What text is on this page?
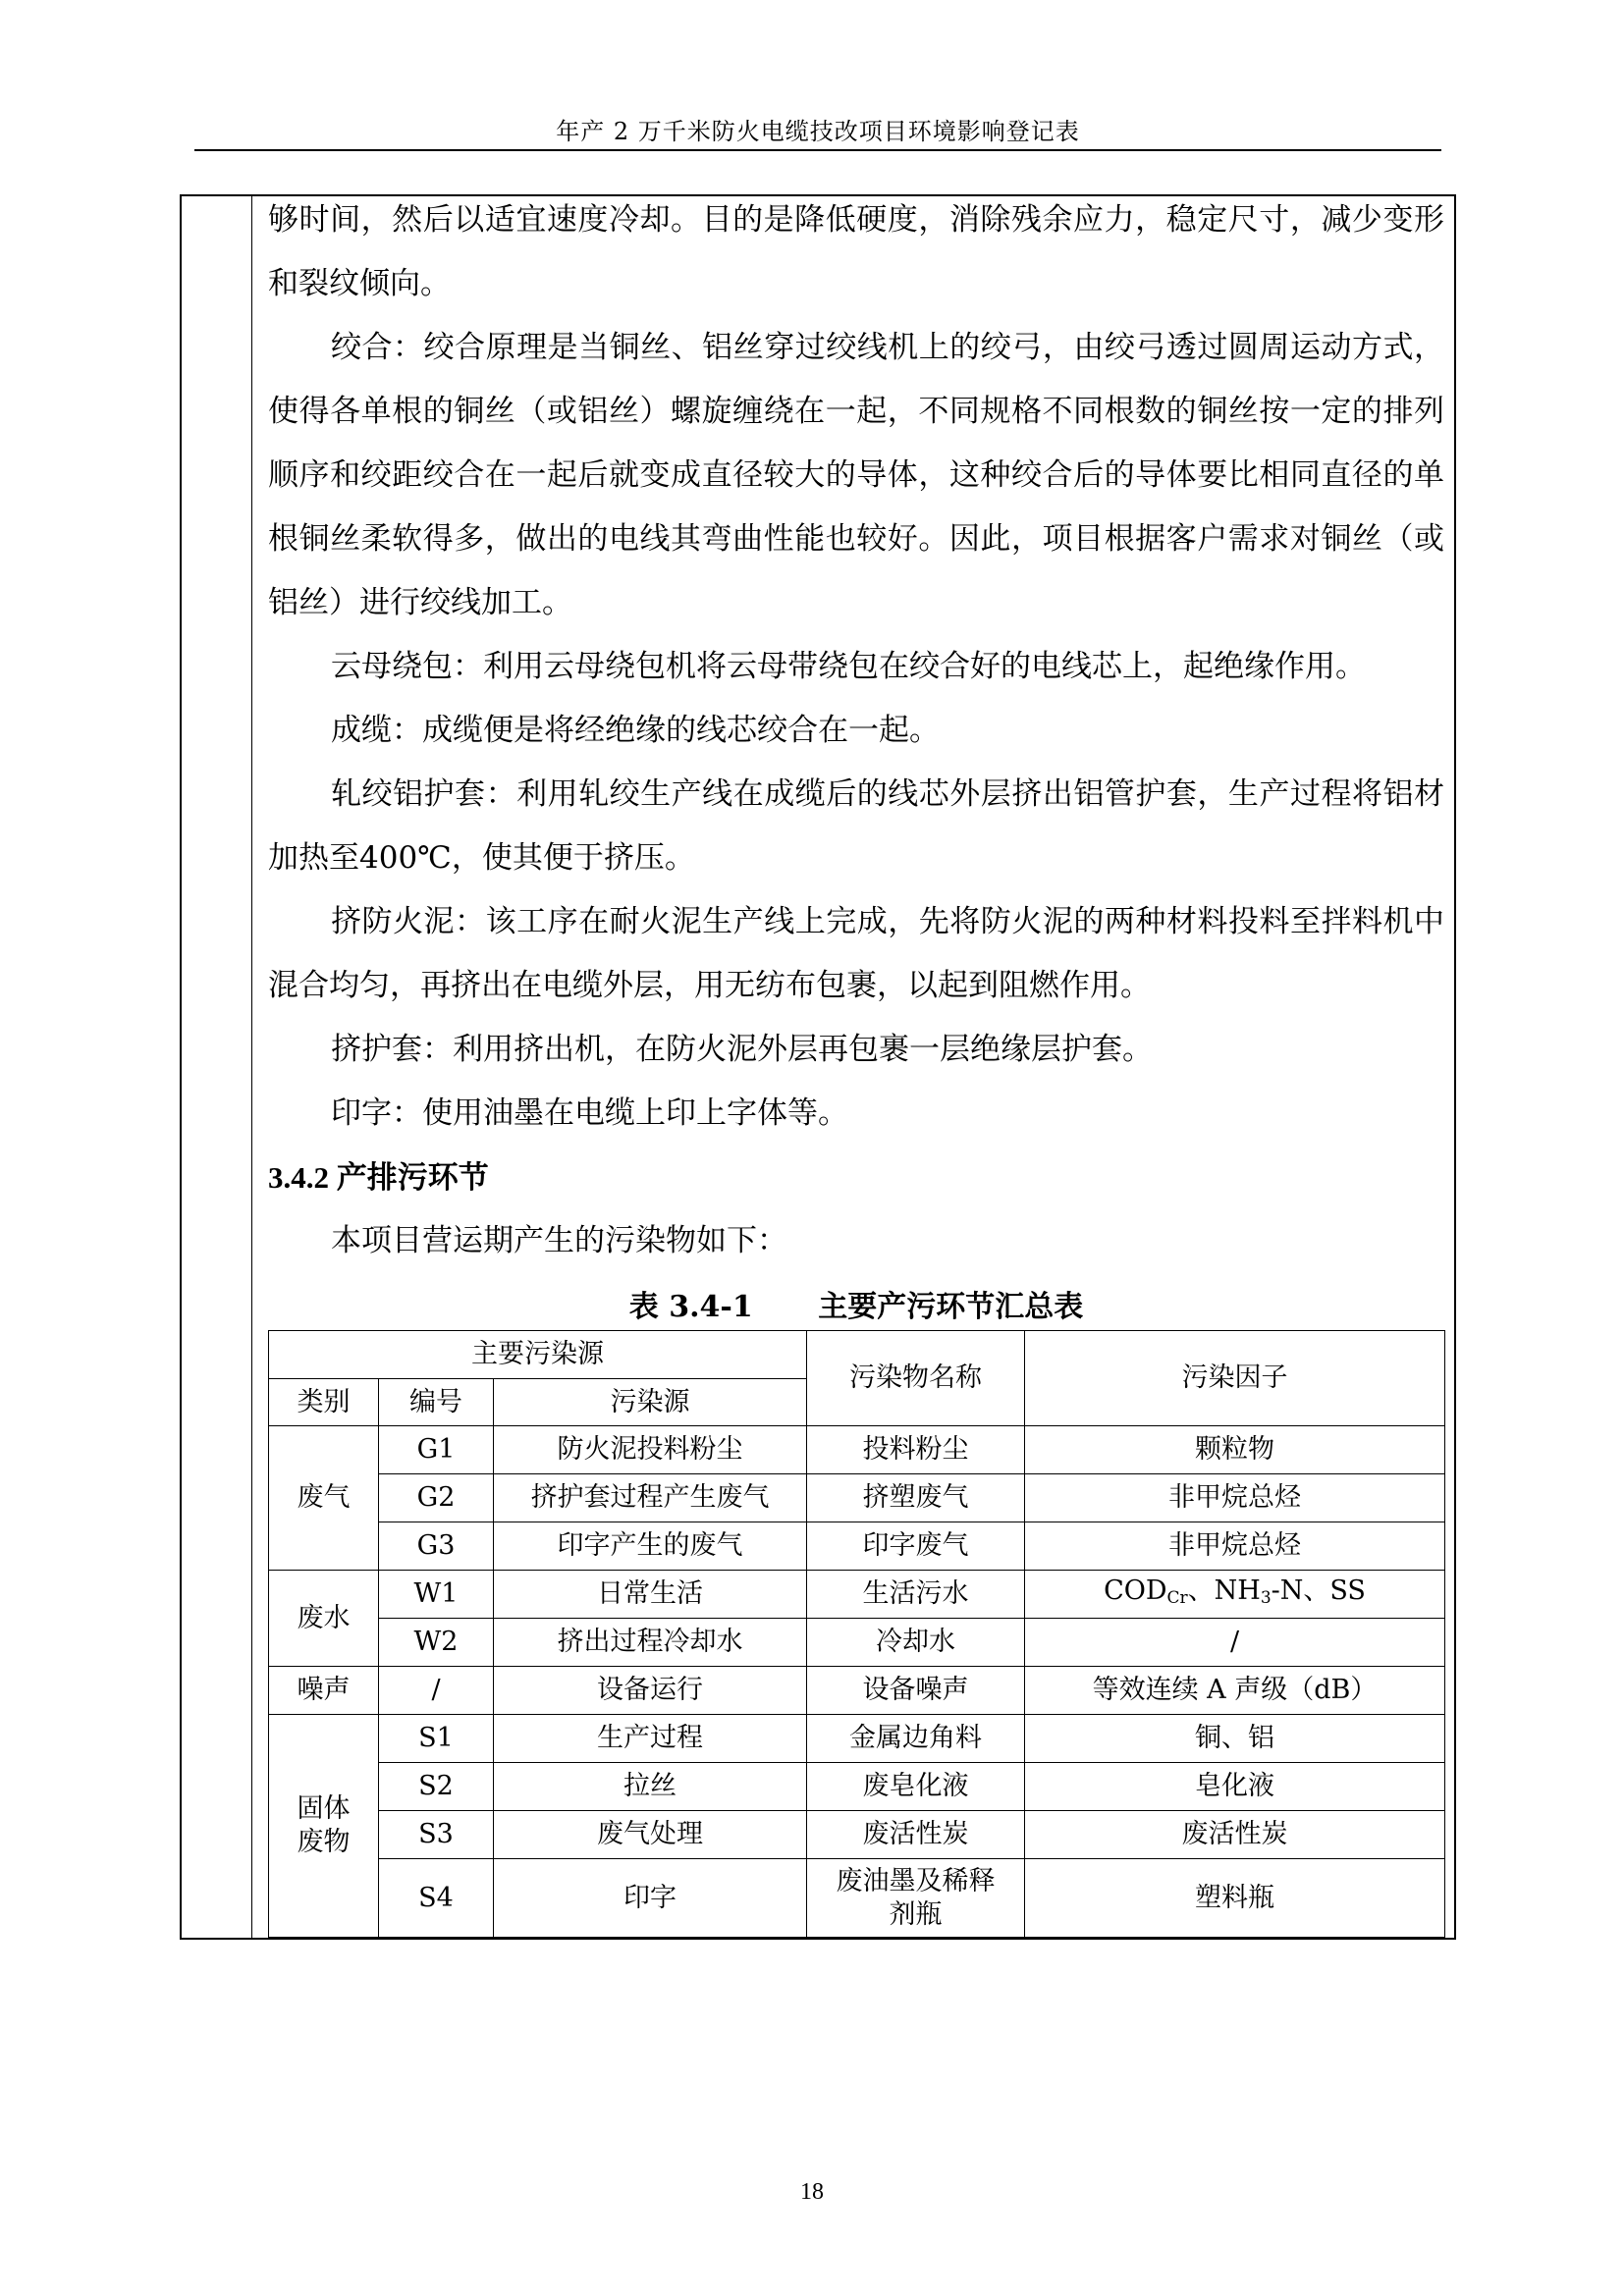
年产 2 万千米防火电缆技改项目环境影响登记表

够时间，然后以适宜速度冷却。目的是降低硬度，消除残余应力，稳定尺寸，减少变形和裂纹倾向。

绞合：绞合原理是当铜丝、铝丝穿过绞线机上的绞弓，由绞弓透过圆周运动方式，使得各单根的铜丝（或铝丝）螺旋缠绕在一起，不同规格不同根数的铜丝按一定的排列顺序和绞距绞合在一起后就变成直径较大的导体，这种绞合后的导体要比相同直径的单根铜丝柔软得多，做出的电线其弯曲性能也较好。因此，项目根据客户需求对铜丝（或铝丝）进行绞线加工。

云母绕包：利用云母绕包机将云母带绕包在绞合好的电线芯上，起绝缘作用。

成缆：成缆便是将经绝缘的线芯绞合在一起。

轧绞铝护套：利用轧绞生产线在成缆后的线芯外层挤出铝管护套，生产过程将铝材加热至400℃，使其便于挤压。

挤防火泥：该工序在耐火泥生产线上完成，先将防火泥的两种材料投料至拌料机中混合均匀，再挤出在电缆外层，用无纺布包裹，以起到阻燃作用。

挤护套：利用挤出机，在防火泥外层再包裹一层绝缘层护套。

印字：使用油墨在电缆上印上字体等。

3.4.2 产排污环节

本项目营运期产生的污染物如下：

表 3.4-1 主要产污环节汇总表
主要污染源			污染物名称	污染因子
类别	编号	污染源		
废气	G1	防火泥投料粉尘	投料粉尘	颗粒物
	G2	挤护套过程产生废气	挤塑废气	非甲烷总烃
	G3	印字产生的废气	印字废气	非甲烷总烃
废水	W1	日常生活	生活污水	$COD_{Cr}$、$NH_3-N$、SS
	W2	挤出过程冷却水	冷却水	/
噪声	/	设备运行	设备噪声	等效连续 A 声级（dB）
固体废物	S1	生产过程	金属边角料	铜、铝
	S2	拉丝	废皂化液	皂化液
	S3	废气处理	废活性炭	废活性炭
	S4	印字	废油墨及稀释剂瓶	塑料瓶
18
